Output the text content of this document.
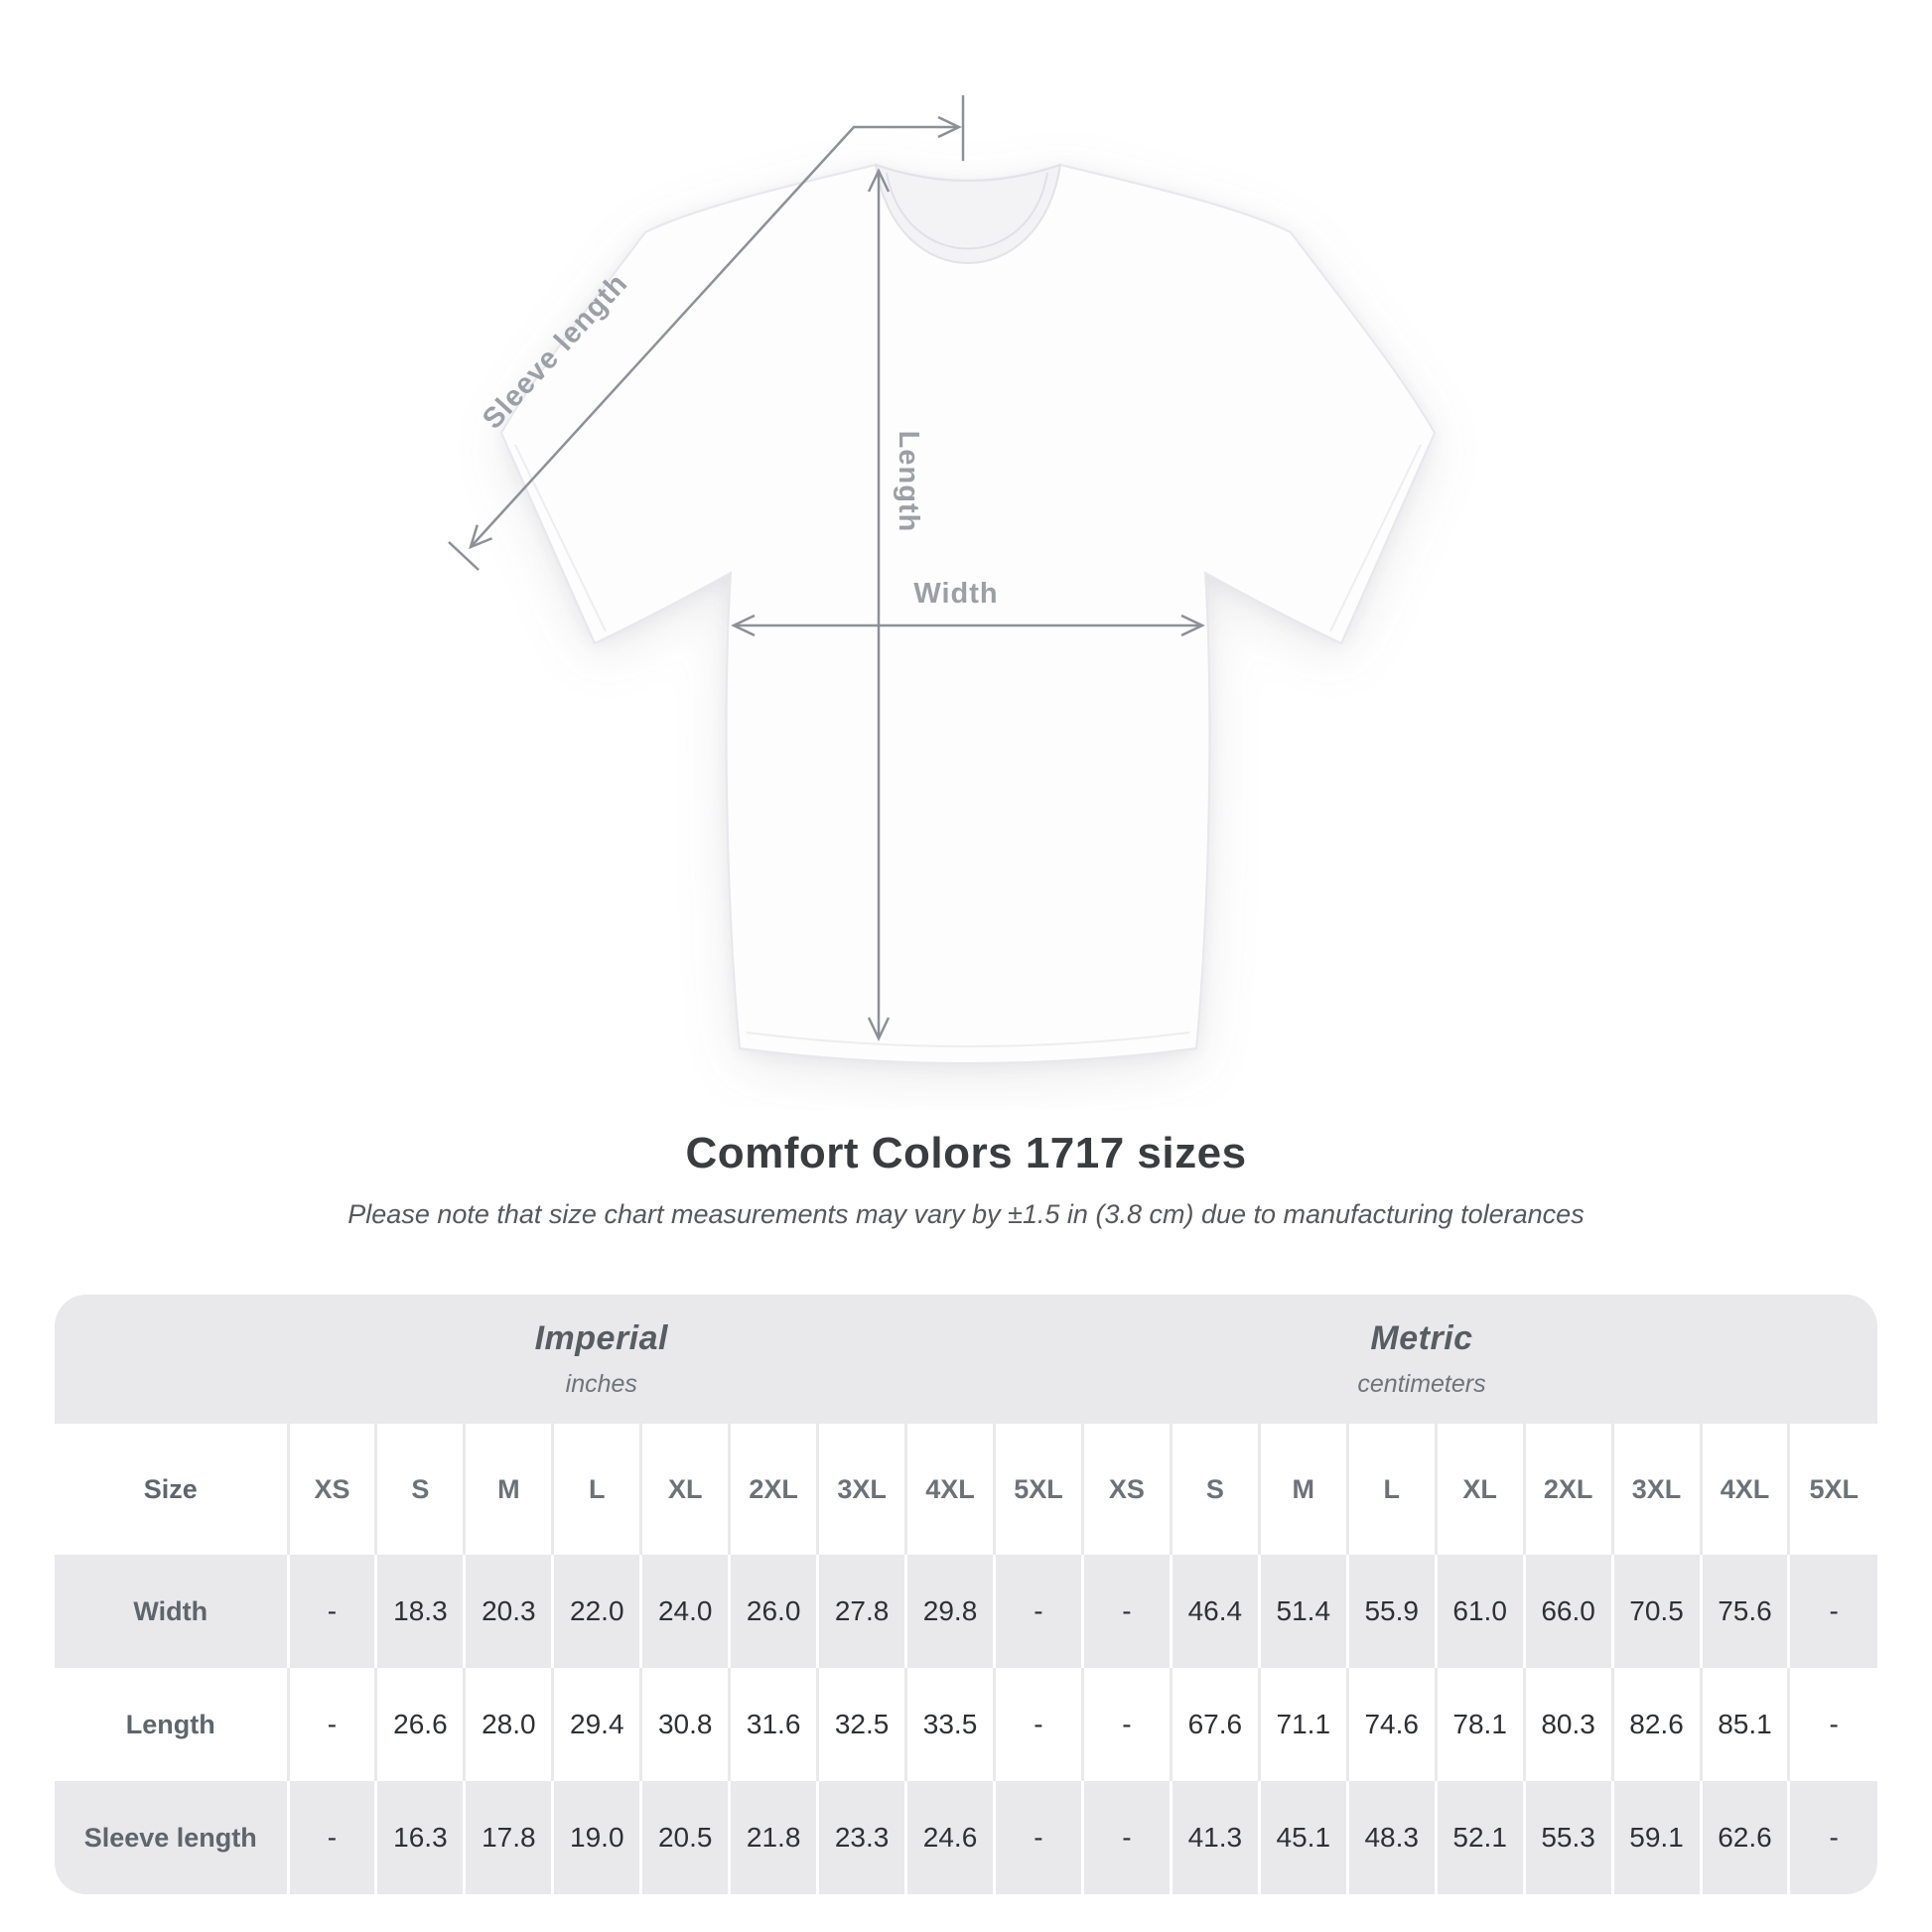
Width
Length
Sleeve length
Comfort Colors 1717 sizes

Please note that size chart measurements may vary by ±1.5 in (3.8 cm) due to manufacturing tolerances

Imperial
inches
Metric
centimeters																		

Size	XS	S	M	L	XL	2XL	3XL	4XL	5XL	XS	S	M	L	XL	2XL	3XL	4XL	5XL
Width	-	18.3	20.3	22.0	24.0	26.0	27.8	29.8	-	-	46.4	51.4	55.9	61.0	66.0	70.5	75.6	-
Length	-	26.6	28.0	29.4	30.8	31.6	32.5	33.5	-	-	67.6	71.1	74.6	78.1	80.3	82.6	85.1	-
Sleeve length	-	16.3	17.8	19.0	20.5	21.8	23.3	24.6	-	-	41.3	45.1	48.3	52.1	55.3	59.1	62.6	-
